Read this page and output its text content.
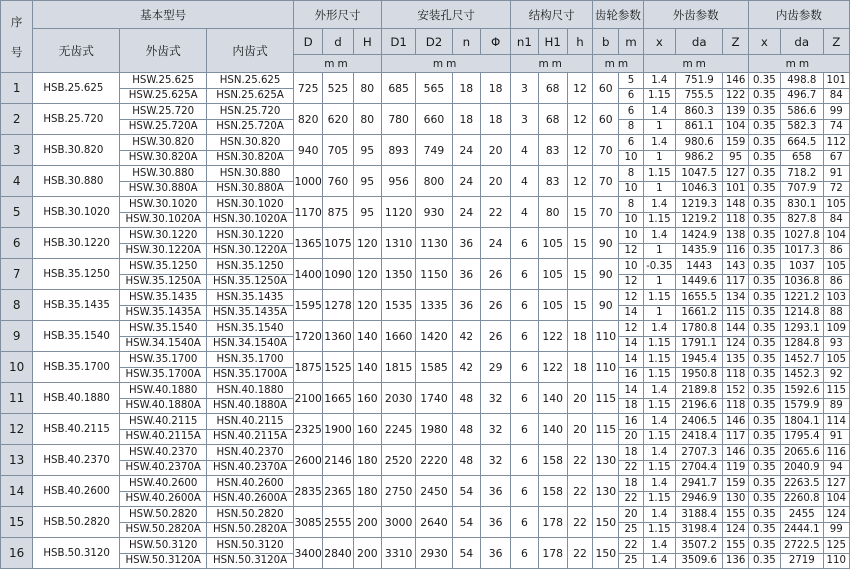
序

号	基本型号			外形尺寸			安装孔尺寸				结构尺寸			齿轮参数		外齿参数			内齿参数		
	无齿式	外齿式	内齿式	D	d	H	D1	D2	n	Φ	n1	H1	h	b	m	x	da	Z	x	da	Z
				mm			mm				mm			mm		mm			mm		
1	HSB.25.625	HSW.25.625	HSN.25.625	725	525	80	685	565	18	18	3	68	12	60	5	1.4	751.9	146	0.35	498.8	101
		HSW.25.625A	HSN.25.625A												6	1.15	755.5	122	0.35	496.7	84
2	HSB.25.720	HSW.25.720	HSN.25.720	820	620	80	780	660	18	18	3	68	12	60	6	1.4	860.3	139	0.35	586.6	99
		HSW.25.720A	HSN.25.720A												8	1	861.1	104	0.35	582.3	74
3	HSB.30.820	HSW.30.820	HSN.30.820	940	705	95	893	749	24	20	4	83	12	70	6	1.4	980.6	159	0.35	664.5	112
		HSW.30.820A	HSN.30.820A												10	1	986.2	95	0.35	658	67
4	HSB.30.880	HSW.30.880	HSN.30.880	1000	760	95	956	800	24	20	4	83	12	70	8	1.15	1047.5	127	0.35	718.2	91
		HSW.30.880A	HSN.30.880A												10	1	1046.3	101	0.35	707.9	72
5	HSB.30.1020	HSW.30.1020	HSN.30.1020	1170	875	95	1120	930	24	22	4	80	15	70	8	1.4	1219.3	148	0.35	830.1	105
		HSW.30.1020A	HSN.30.1020A												10	1.15	1219.2	118	0.35	827.8	84
6	HSB.30.1220	HSW.30.1220	HSN.30.1220	1365	1075	120	1310	1130	36	24	6	105	15	90	10	1.4	1424.9	138	0.35	1027.8	104
		HSW.30.1220A	HSN.30.1220A												12	1	1435.9	116	0.35	1017.3	86
7	HSB.35.1250	HSW.35.1250	HSN.35.1250	1400	1090	120	1350	1150	36	26	6	105	15	90	10	-0.35	1443	143	0.35	1037	105
		HSW.35.1250A	HSN.35.1250A												12	1	1449.6	117	0.35	1036.8	86
8	HSB.35.1435	HSW.35.1435	HSN.35.1435	1595	1278	120	1535	1335	36	26	6	105	15	90	12	1.15	1655.5	134	0.35	1221.2	103
		HSW.35.1435A	HSN.35.1435A												14	1	1661.2	115	0.35	1214.8	88
9	HSB.35.1540	HSW.35.1540	HSN.35.1540	1720	1360	140	1660	1420	42	26	6	122	18	110	12	1.4	1780.8	144	0.35	1293.1	109
		HSW.34.1540A	HSN.34.1540A												14	1.15	1791.1	124	0.35	1284.8	93
10	HSB.35.1700	HSW.35.1700	HSN.35.1700	1875	1525	140	1815	1585	42	29	6	122	18	110	14	1.15	1945.4	135	0.35	1452.7	105
		HSW.35.1700A	HSN.35.1700A												16	1.15	1950.8	118	0.35	1452.3	92
11	HSB.40.1880	HSW.40.1880	HSN.40.1880	2100	1665	160	2030	1740	48	32	6	140	20	115	14	1.4	2189.8	152	0.35	1592.6	115
		HSW.40.1880A	HSN.40.1880A												18	1.15	2196.6	118	0.35	1579.9	89
12	HSB.40.2115	HSW.40.2115	HSN.40.2115	2325	1900	160	2245	1980	48	32	6	140	20	115	16	1.4	2406.5	146	0.35	1804.1	114
		HSW.40.2115A	HSN.40.2115A												20	1.15	2418.4	117	0.35	1795.4	91
13	HSB.40.2370	HSW.40.2370	HSN.40.2370	2600	2146	180	2520	2220	48	32	6	158	22	130	18	1.4	2707.3	146	0.35	2065.6	116
		HSW.40.2370A	HSN.40.2370A												22	1.15	2704.4	119	0.35	2040.9	94
14	HSB.40.2600	HSW.40.2600	HSN.40.2600	2835	2365	180	2750	2450	54	36	6	158	22	130	18	1.4	2941.7	159	0.35	2263.5	127
		HSW.40.2600A	HSN.40.2600A												22	1.15	2946.9	130	0.35	2260.8	104
15	HSB.50.2820	HSW.50.2820	HSN.50.2820	3085	2555	200	3000	2640	54	36	6	178	22	150	20	1.4	3188.4	155	0.35	2455	124
		HSW.50.2820A	HSN.50.2820A												25	1.15	3198.4	124	0.35	2444.1	99
16	HSB.50.3120	HSW.50.3120	HSN.50.3120	3400	2840	200	3310	2930	54	36	6	178	22	150	22	1.4	3507.2	155	0.35	2722.5	125
		HSW.50.3120A	HSN.50.3120A												25	1.4	3509.6	136	0.35	2719	110
